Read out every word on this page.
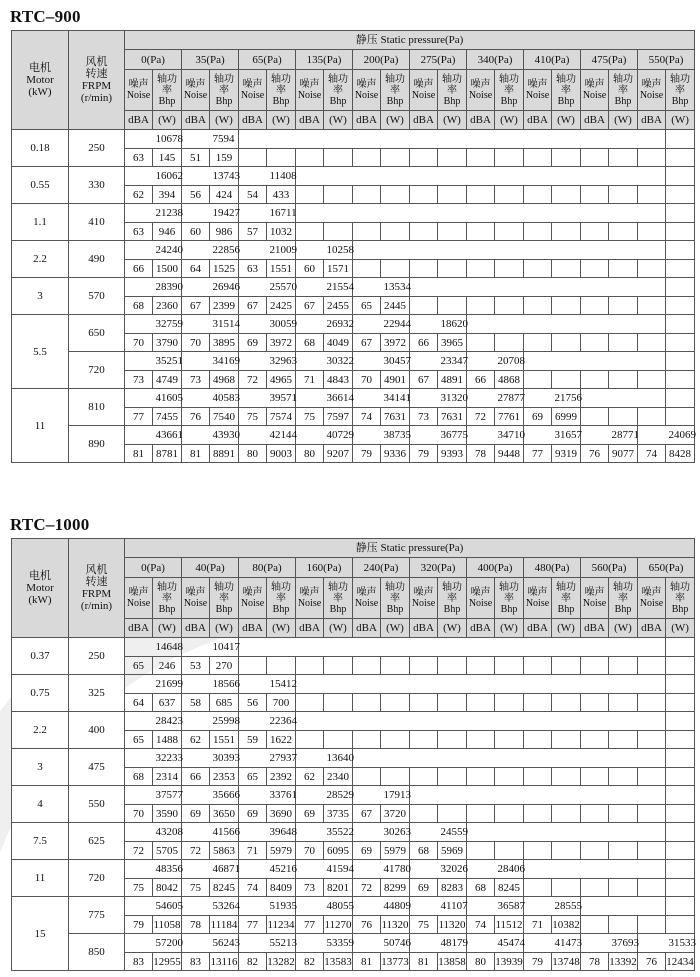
RTC–900
电机
Motor
(kW)	风机
转速
FRPM
(r/min)	静压 Static pressure(Pa)																			
		0(Pa)		35(Pa)		65(Pa)		135(Pa)		200(Pa)		275(Pa)		340(Pa)		410(Pa)		475(Pa)		550(Pa)	
		噪声
Noise	轴功
率
Bhp	噪声
Noise	轴功
率
Bhp	噪声
Noise	轴功
率
Bhp	噪声
Noise	轴功
率
Bhp	噪声
Noise	轴功
率
Bhp	噪声
Noise	轴功
率
Bhp	噪声
Noise	轴功
率
Bhp	噪声
Noise	轴功
率
Bhp	噪声
Noise	轴功
率
Bhp	噪声
Noise	轴功
率
Bhp
		dBA	(W)	dBA	(W)	dBA	(W)	dBA	(W)	dBA	(W)	dBA	(W)	dBA	(W)	dBA	(W)	dBA	(W)	dBA	(W)
0.18	250		10678		7594																
		63	145	51	159																
0.55	330		16062		13743		11408														
		62	394	56	424	54	433														
1.1	410		21238		19427		16711														
		63	946	60	986	57	1032														
2.2	490		24240		22856		21009		10258												
		66	1500	64	1525	63	1551	60	1571												
3	570		28390		26946		25570		21554		13534										
		68	2360	67	2399	67	2425	67	2455	65	2445										
5.5	650		32759		31514		30059		26932		22944		18620								
		70	3790	70	3895	69	3972	68	4049	67	3972	66	3965								
	720		35251		34169		32963		30322		30457		23347		20708						
		73	4749	73	4968	72	4965	71	4843	70	4901	67	4891	66	4868						
11	810		41605		40583		39571		36614		34141		31320		27877		21756				
		77	7455	76	7540	75	7574	75	7597	74	7631	73	7631	72	7761	69	6999				
	890		43661		43930		42144		40729		38735		36775		34710		31657		28771		24069
		81	8781	81	8891	80	9003	80	9207	79	9336	79	9393	78	9448	77	9319	76	9077	74	8428
RTC–1000
电机
Motor
(kW)	风机
转速
FRPM
(r/min)	静压 Static pressure(Pa)																			
		0(Pa)		40(Pa)		80(Pa)		160(Pa)		240(Pa)		320(Pa)		400(Pa)		480(Pa)		560(Pa)		650(Pa)	
		噪声
Noise	轴功
率
Bhp	噪声
Noise	轴功
率
Bhp	噪声
Noise	轴功
率
Bhp	噪声
Noise	轴功
率
Bhp	噪声
Noise	轴功
率
Bhp	噪声
Noise	轴功
率
Bhp	噪声
Noise	轴功
率
Bhp	噪声
Noise	轴功
率
Bhp	噪声
Noise	轴功
率
Bhp	噪声
Noise	轴功
率
Bhp
		dBA	(W)	dBA	(W)	dBA	(W)	dBA	(W)	dBA	(W)	dBA	(W)	dBA	(W)	dBA	(W)	dBA	(W)	dBA	(W)
0.37	250		14648		10417																
		65	246	53	270																
0.75	325		21699		18566		15412														
		64	637	58	685	56	700														
2.2	400		28423		25998		22364														
		65	1488	62	1551	59	1622														
3	475		32233		30393		27937		13640												
		68	2314	66	2353	65	2392	62	2340												
4	550		37577		35666		33761		28529		17913										
		70	3590	69	3650	69	3690	69	3735	67	3720										
7.5	625		43208		41566		39648		35522		30263		24559								
		72	5705	72	5863	71	5979	70	6095	69	5979	68	5969								
11	720		48356		46871		45216		41594		41780		32026		28406						
		75	8042	75	8245	74	8409	73	8201	72	8299	69	8283	68	8245						
15	775		54605		53264		51935		48055		44809		41107		36587		28555				
		79	11058	78	11184	77	11234	77	11270	76	11320	75	11320	74	11512	71	10382				
	850		57200		56243		55213		53359		50746		48179		45474		41473		37693		31533
		83	12955	83	13116	82	13282	82	13583	81	13773	81	13858	80	13939	79	13748	78	13392	76	12434
